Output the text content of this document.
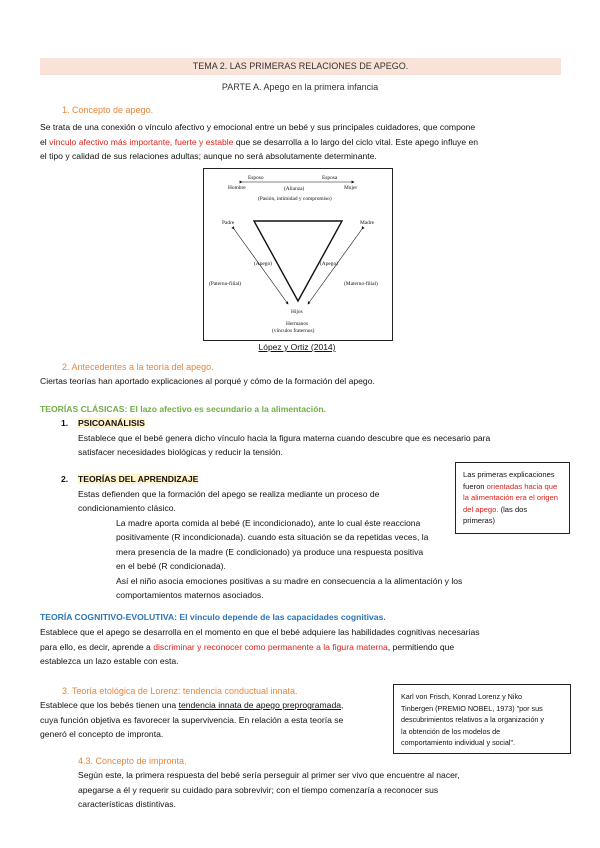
TEMA 2. LAS PRIMERAS RELACIONES DE APEGO.
PARTE A. Apego en la primera infancia
1. Concepto de apego.
Se trata de una conexión o vínculo afectivo y emocional entre un bebé y sus principales cuidadores, que compone
el vínculo afectivo más importante, fuerte y estable que se desarrolla a lo largo del ciclo vital. Este apego influye en
el tipo y calidad de sus relaciones adultas; aunque no será absolutamente determinante.
Esposo	Esposa
Hombre	Mujer
(Alianza)
(Pasión, intimidad y compromiso)
Padre	Madre
(Apego)	(Apego)
(Paterno-filial)	(Materno-filial)
Hijos
Hermanos
(vínculos fraternos)
López y Ortiz (2014)
2. Antecedentes a la teoría del apego.
Ciertas teorías han aportado explicaciones al porqué y cómo de la formación del apego.
TEORÍAS CLÁSICAS: El lazo afectivo es secundario a la alimentación.
1. PSICOANÁLISIS
Establece que el bebé genera dicho vínculo hacia la figura materna cuando descubre que es necesario para
satisfacer necesidades biológicas y reducir la tensión.
2. TEORÍAS DEL APRENDIZAJE
Estas defienden que la formación del apego se realiza mediante un proceso de
condicionamiento clásico.
La madre aporta comida al bebé (E incondicionado), ante lo cual éste reacciona
positivamente (R incondicionada). cuando esta situación se da repetidas veces, la
mera presencia de la madre (E condicionado) ya produce una respuesta positiva
en el bebé (R condicionada).
Así el niño asocia emociones positivas a su madre en consecuencia a la alimentación y los
comportamientos maternos asociados.
Las primeras explicaciones
fueron orientadas hacia que
la alimentación era el origen
del apego. (las dos
primeras)
TEORÍA COGNITIVO-EVOLUTIVA: El vínculo depende de las capacidades cognitivas.
Establece que el apego se desarrolla en el momento en que el bebé adquiere las habilidades cognitivas necesarias
para ello, es decir, aprende a discriminar y reconocer como permanente a la figura materna, permitiendo que
establezca un lazo estable con esta.
3. Teoría etológica de Lorenz: tendencia conductual innata.
Establece que los bebés tienen una tendencia innata de apego preprogramada,
cuya función objetiva es favorecer la supervivencia. En relación a esta teoría se
generó el concepto de impronta.
Karl von Frisch, Konrad Lorenz y Niko
Tinbergen (PREMIO NOBEL, 1973) "por sus
descubrimientos relativos a la organización y
la obtención de los modelos de
comportamiento individual y social".
4.3. Concepto de impronta.
Según este, la primera respuesta del bebé sería perseguir al primer ser vivo que encuentre al nacer,
apegarse a él y requerir su cuidado para sobrevivir; con el tiempo comenzaría a reconocer sus
características distintivas.
